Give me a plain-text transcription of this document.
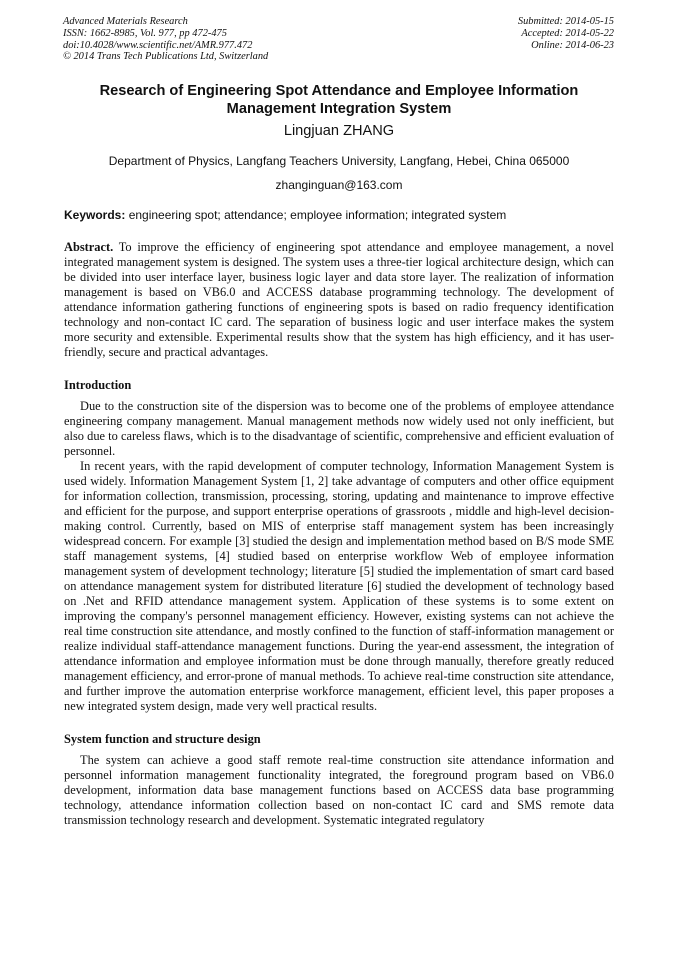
Advanced Materials Research
ISSN: 1662-8985, Vol. 977, pp 472-475
doi:10.4028/www.scientific.net/AMR.977.472
© 2014 Trans Tech Publications Ltd, Switzerland
Submitted: 2014-05-15
Accepted: 2014-05-22
Online: 2014-06-23
Research of Engineering Spot Attendance and Employee Information Management Integration System
Lingjuan ZHANG
Department of Physics, Langfang Teachers University, Langfang, Hebei, China 065000
zhanginguan@163.com
Keywords: engineering spot; attendance; employee information; integrated system

Abstract. To improve the efficiency of engineering spot attendance and employee management, a novel integrated management system is designed. The system uses a three-tier logical architecture design, which can be divided into user interface layer, business logic layer and data store layer. The realization of information management is based on VB6.0 and ACCESS database programming technology. The development of attendance information gathering functions of engineering spots is based on radio frequency identification technology and non-contact IC card. The separation of business logic and user interface makes the system more security and extensible. Experimental results show that the system has high efficiency, and it has user-friendly, secure and practical advantages.

Introduction

Due to the construction site of the dispersion was to become one of the problems of employee attendance engineering company management. Manual management methods now widely used not only inefficient, but also due to careless flaws, which is to the disadvantage of scientific, comprehensive and efficient evaluation of personnel.

In recent years, with the rapid development of computer technology, Information Management System is used widely. Information Management System [1, 2] take advantage of computers and other office equipment for information collection, transmission, processing, storing, updating and maintenance to improve effective and efficient for the purpose, and support enterprise operations of grassroots , middle and high-level decision-making control. Currently, based on MIS of enterprise staff management system has been increasingly widespread concern. For example [3] studied the design and implementation method based on B/S mode SME staff management systems, [4] studied based on enterprise workflow Web of employee information management system of development technology; literature [5] studied the implementation of smart card based on attendance management system for distributed literature [6] studied the development of technology based on .Net and RFID attendance management system. Application of these systems is to some extent on improving the company's personnel management efficiency. However, existing systems can not achieve the real time construction site attendance, and mostly confined to the function of staff-information management or realize individual staff-attendance management functions. During the year-end assessment, the integration of attendance information and employee information must be done through manually, therefore greatly reduced management efficiency, and error-prone of manual methods. To achieve real-time construction site attendance, and further improve the automation enterprise workforce management, efficient level, this paper proposes a new integrated system design, made very well practical results.

System function and structure design

The system can achieve a good staff remote real-time construction site attendance information and personnel information management functionality integrated, the foreground program based on VB6.0 development, information data base management functions based on ACCESS data base programming technology, attendance information collection based on non-contact IC card and SMS remote data transmission technology research and development. Systematic integrated regulatory
